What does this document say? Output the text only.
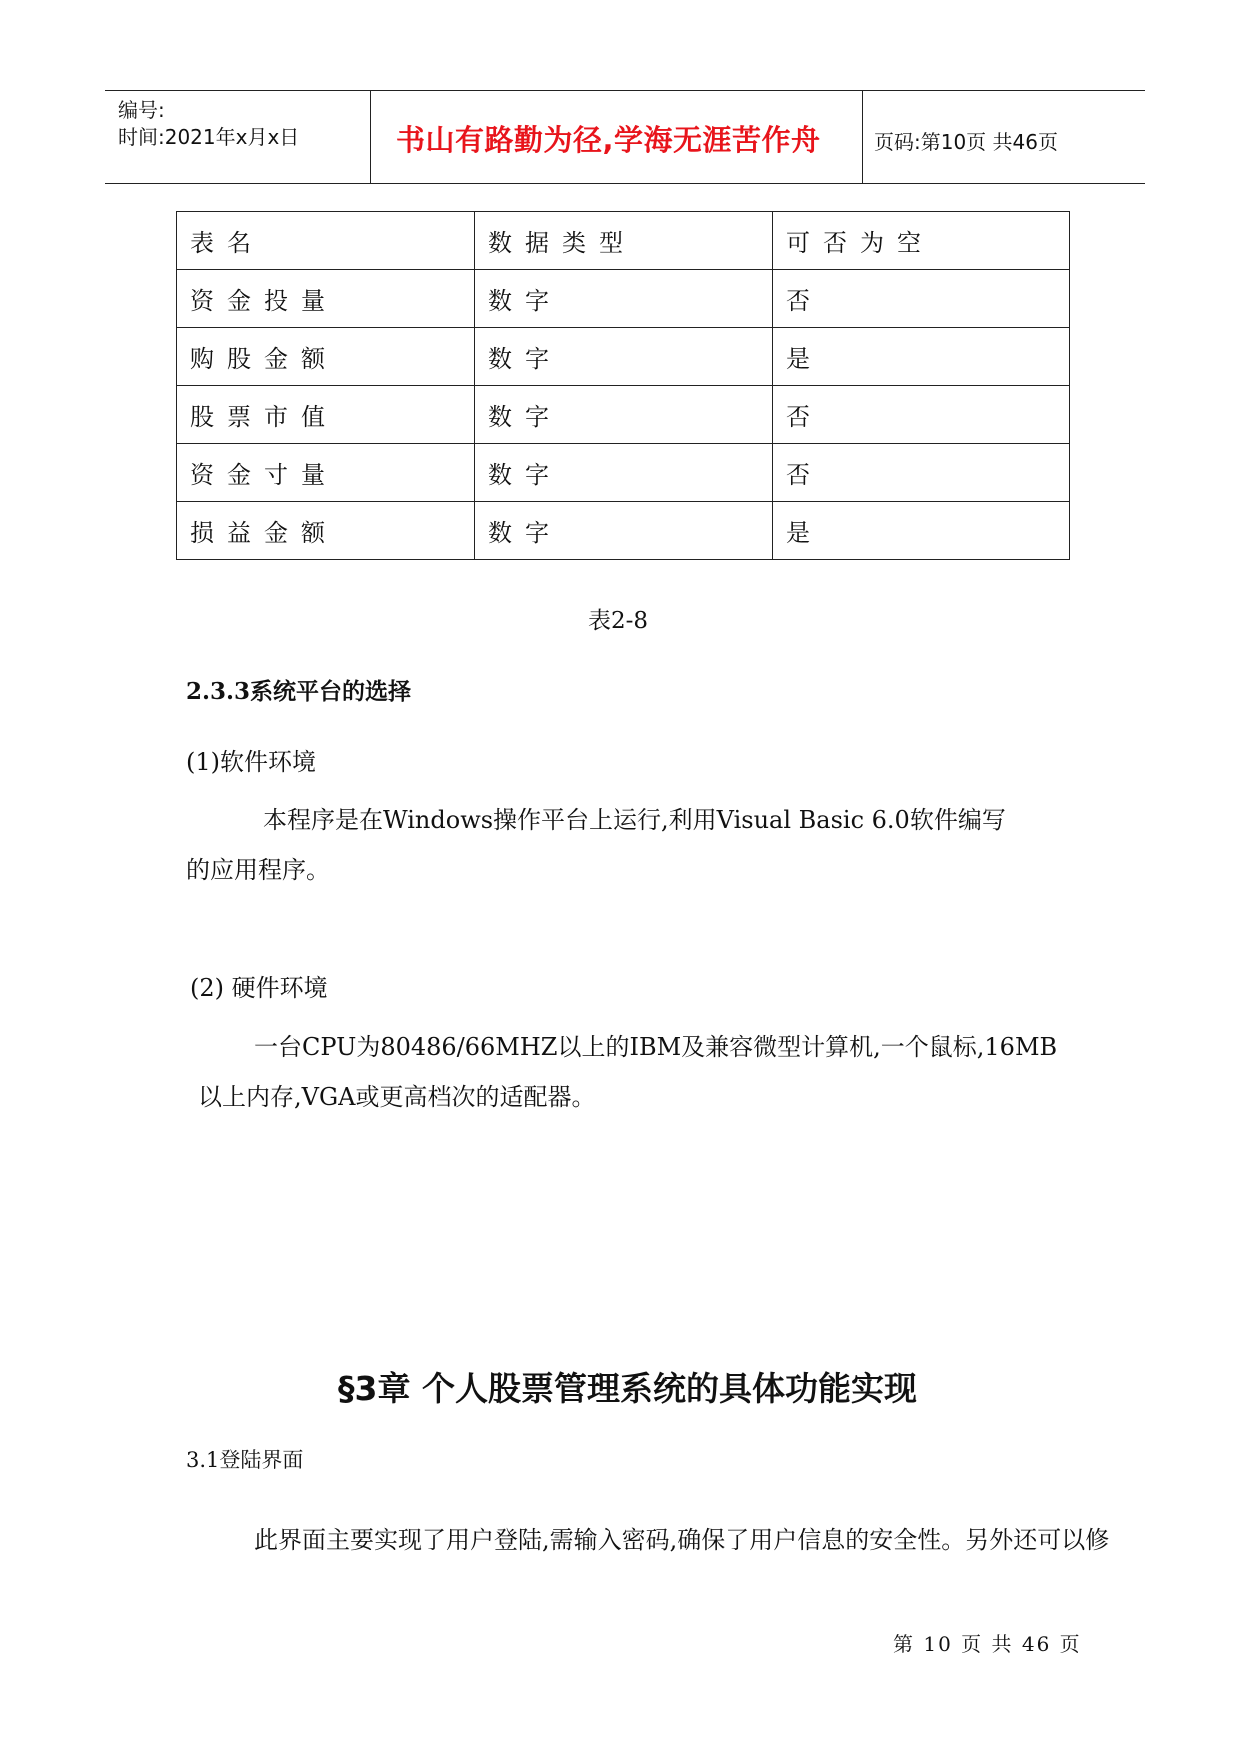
编号:
时间:2021年x月x日	书山有路勤为径,学海无涯苦作舟	页码:第10页 共46页
表名	数据类型	可否为空
资金投量	数字	否
购股金额	数字	是
股票市值	数字	否
资金寸量	数字	否
损益金额	数字	是
表2-8
2.3.3系统平台的选择
(1)软件环境
本程序是在Windows操作平台上运行,利用Visual Basic 6.0软件编写
的应用程序。
(2) 硬件环境
一台CPU为80486/66MHZ以上的IBM及兼容微型计算机,一个鼠标,16MB
以上内存,VGA或更高档次的适配器。
§3章 个人股票管理系统的具体功能实现
3.1登陆界面
此界面主要实现了用户登陆,需输入密码,确保了用户信息的安全性。另外还可以修
第 10 页 共 46 页
